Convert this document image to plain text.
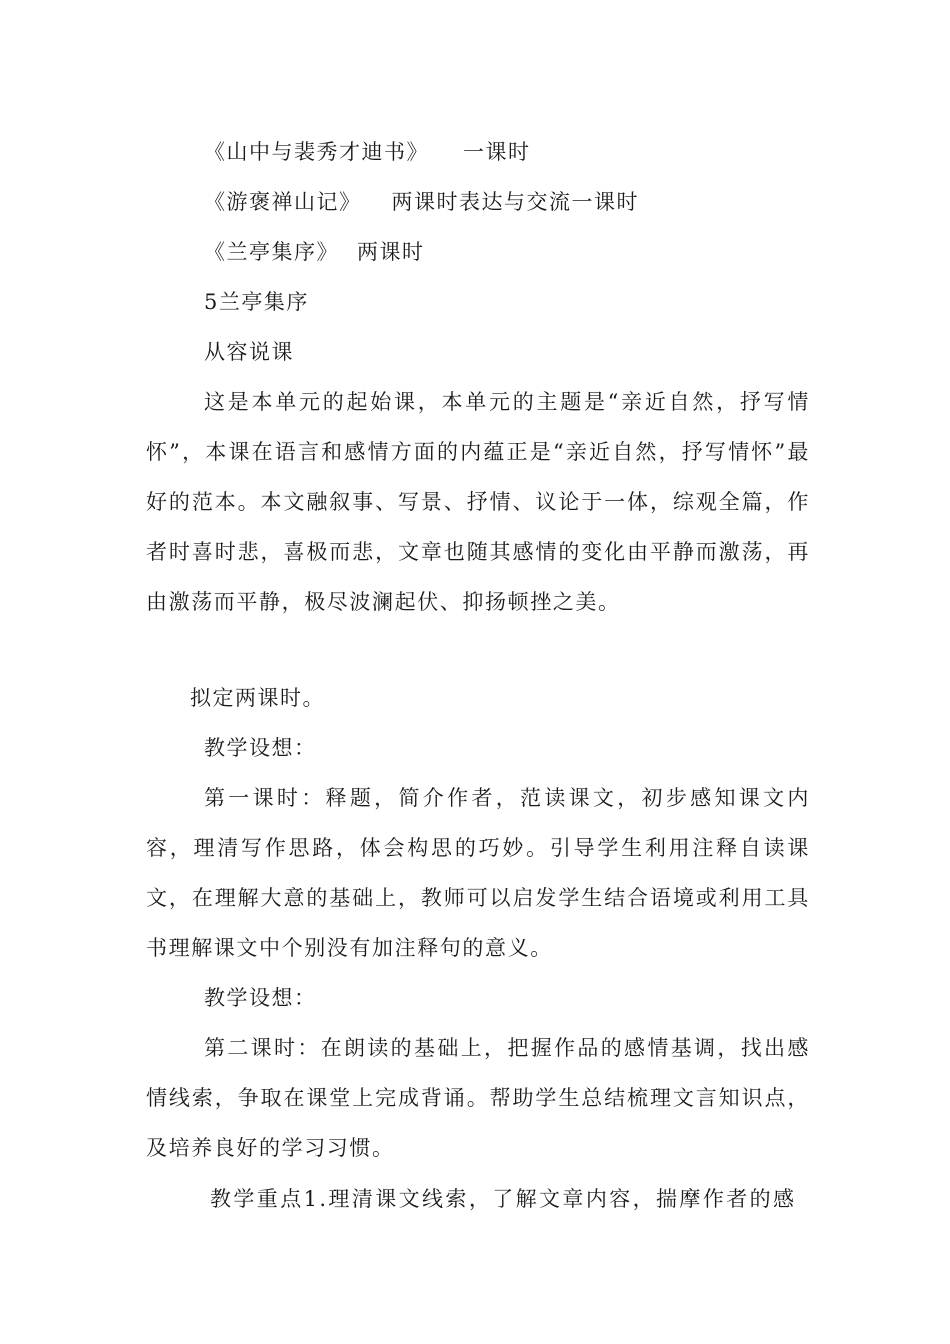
《山中与裴秀才迪书》 一课时
《游褒禅山记》 两课时表达与交流一课时
《兰亭集序》 两课时
5兰亭集序
从容说课
这是本单元的起始课，本单元的主题是“亲近自然，抒写情怀”，本课在语言和感情方面的内蕴正是“亲近自然，抒写情怀”最好的范本。本文融叙事、写景、抒情、议论于一体，综观全篇，作者时喜时悲，喜极而悲，文章也随其感情的变化由平静而激荡，再由激荡而平静，极尽波澜起伏、抑扬顿挫之美。
拟定两课时。
教学设想：
第一课时：释题，简介作者，范读课文，初步感知课文内容，理清写作思路，体会构思的巧妙。引导学生利用注释自读课文，在理解大意的基础上，教师可以启发学生结合语境或利用工具书理解课文中个别没有加注释句的意义。
教学设想：
第二课时：在朗读的基础上，把握作品的感情基调，找出感情线索，争取在课堂上完成背诵。帮助学生总结梳理文言知识点，及培养良好的学习习惯。
教学重点1.理清课文线索，了解文章内容，揣摩作者的感
